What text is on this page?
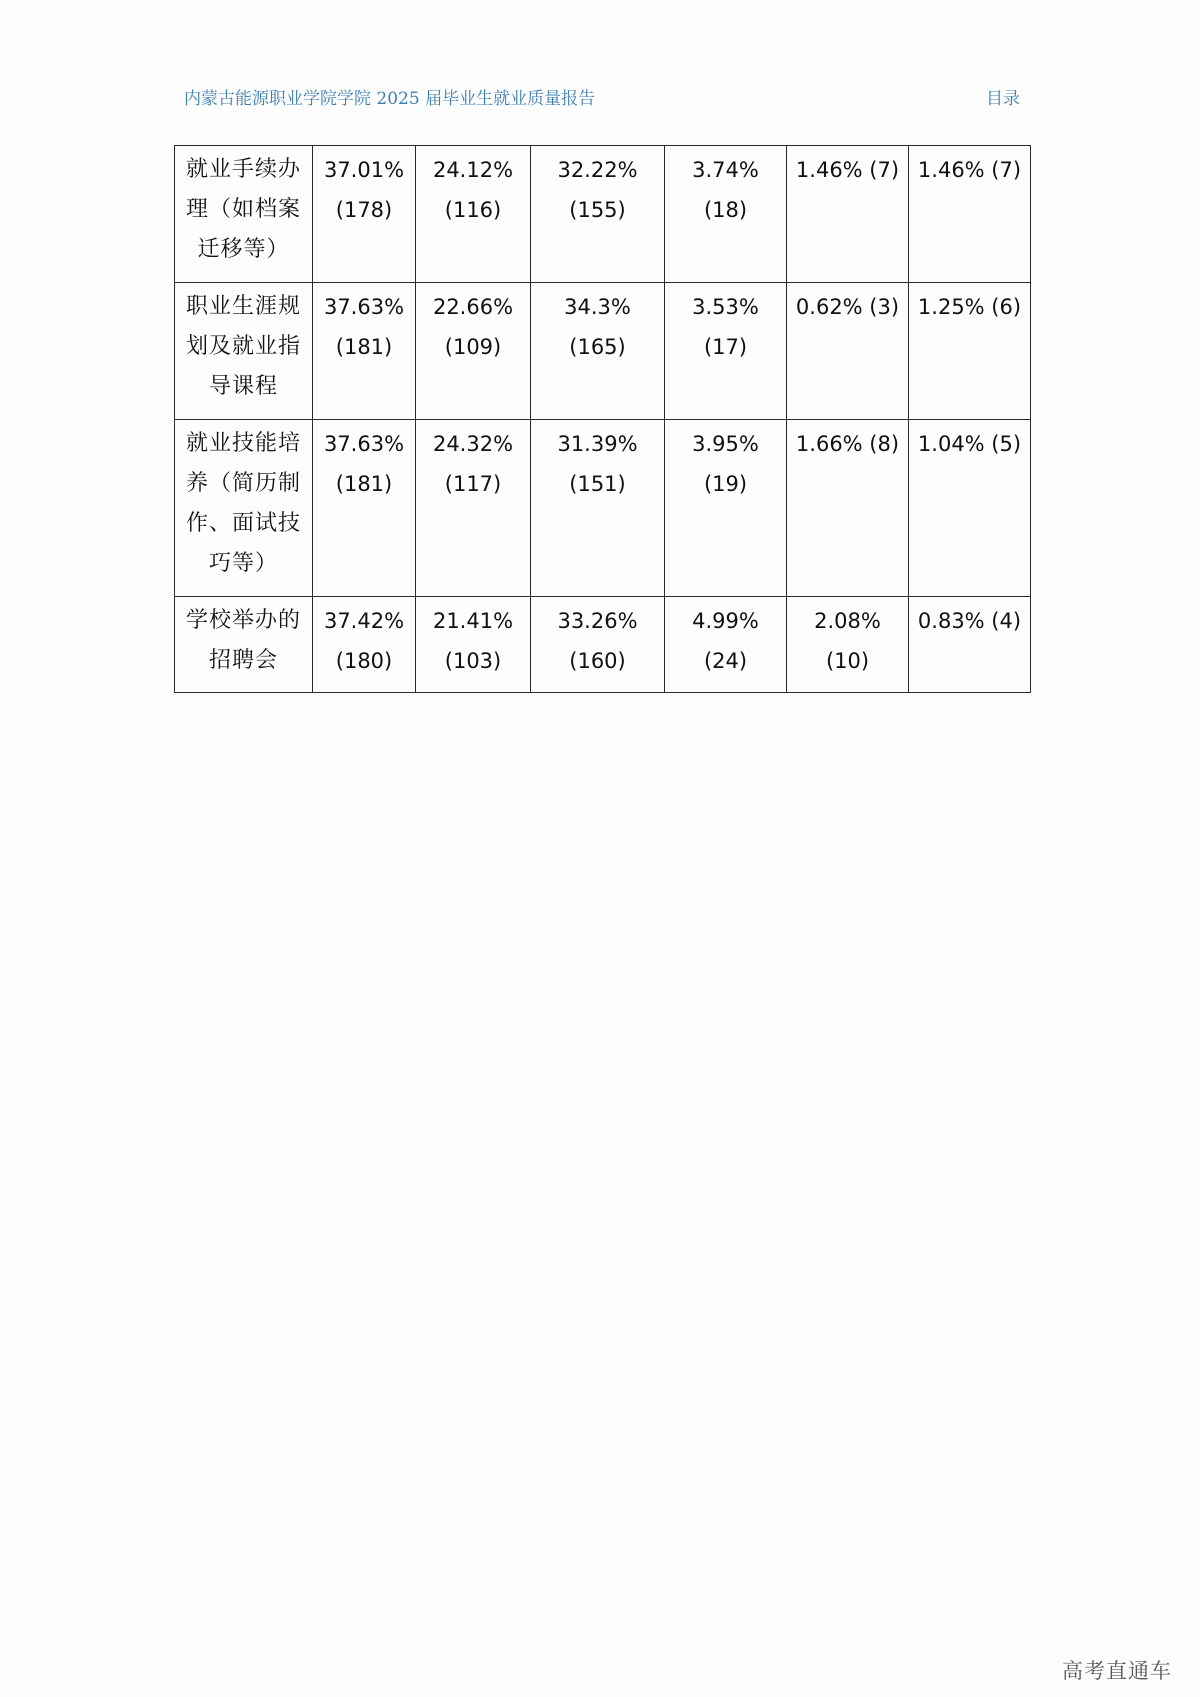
内蒙古能源职业学院学院 2025 届毕业生就业质量报告	目录
就业手续办理（如档案迁移等）	37.01% (178)	24.12% (116)	32.22% (155)	3.74% (18)	1.46% (7)	1.46% (7)
职业生涯规划及就业指导课程	37.63% (181)	22.66% (109)	34.3% (165)	3.53% (17)	0.62% (3)	1.25% (6)
就业技能培养（简历制作、面试技巧等）	37.63% (181)	24.32% (117)	31.39% (151)	3.95% (19)	1.66% (8)	1.04% (5)
学校举办的招聘会	37.42% (180)	21.41% (103)	33.26% (160)	4.99% (24)	2.08% (10)	0.83% (4)
高考直通车
